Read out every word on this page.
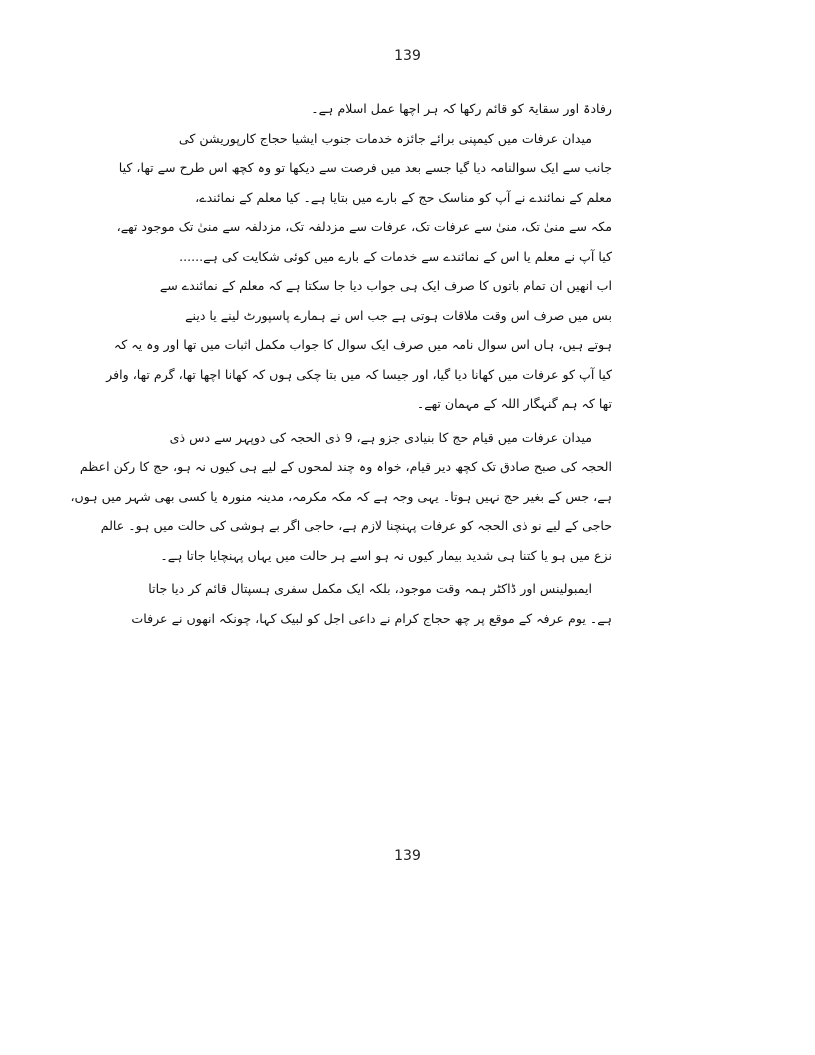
139
رفادۃ اور سقایۃ کو قائم رکھا کہ ہر اچھا عمل اسلام ہے۔
میدان عرفات میں کیمپنی برائے جائزہ خدمات جنوب ایشیا حجاج کارپوریشن کی
جانب سے ایک سوالنامہ دیا گیا جسے بعد میں فرصت سے دیکھا تو وہ کچھ اس طرح سے تھا، کیا
معلم کے نمائندے نے آپ کو مناسک حج کے بارے میں بتایا ہے۔ کیا معلم کے نمائندے،
مکہ سے منیٰ تک، منیٰ سے عرفات تک، عرفات سے مزدلفہ تک، مزدلفہ سے منیٰ تک موجود تھے،
کیا آپ نے معلم یا اس کے نمائندے سے خدمات کے بارے میں کوئی شکایت کی ہے......
اب انھیں ان تمام باتوں کا صرف ایک ہی جواب دیا جا سکتا ہے کہ معلم کے نمائندے سے
بس میں صرف اس وقت ملاقات ہوتی ہے جب اس نے ہمارے پاسپورٹ لینے یا دینے
ہوتے ہیں، ہاں اس سوال نامہ میں صرف ایک سوال کا جواب مکمل اثبات میں تھا اور وہ یہ کہ
کیا آپ کو عرفات میں کھانا دیا گیا، اور جیسا کہ میں بتا چکی ہوں کہ کھانا اچھا تھا، گرم تھا، وافر
تھا کہ ہم گنہگار اللہ کے مہمان تھے۔
میدان عرفات میں قیام حج کا بنیادی جزو ہے، 9 ذی الحجہ کی دوپہر سے دس ذی
الحجہ کی صبح صادق تک کچھ دیر قیام، خواہ وہ چند لمحوں کے لیے ہی کیوں نہ ہو، حج کا رکن اعظم
ہے، جس کے بغیر حج نہیں ہوتا۔ یہی وجہ ہے کہ مکہ مکرمہ، مدینہ منورہ یا کسی بھی شہر میں ہوں،
حاجی کے لیے نو ذی الحجہ کو عرفات پہنچنا لازم ہے، حاجی اگر بے ہوشی کی حالت میں ہو۔ عالم
نزع میں ہو یا کتنا ہی شدید بیمار کیوں نہ ہو اسے ہر حالت میں یہاں پہنچایا جاتا ہے۔
ایمبولینس اور ڈاکٹر ہمہ وقت موجود، بلکہ ایک مکمل سفری ہسپتال قائم کر دیا جاتا
ہے۔ یوم عرفہ کے موقع پر چھ حجاج کرام نے داعی اجل کو لبیک کہا، چونکہ انھوں نے عرفات
139
